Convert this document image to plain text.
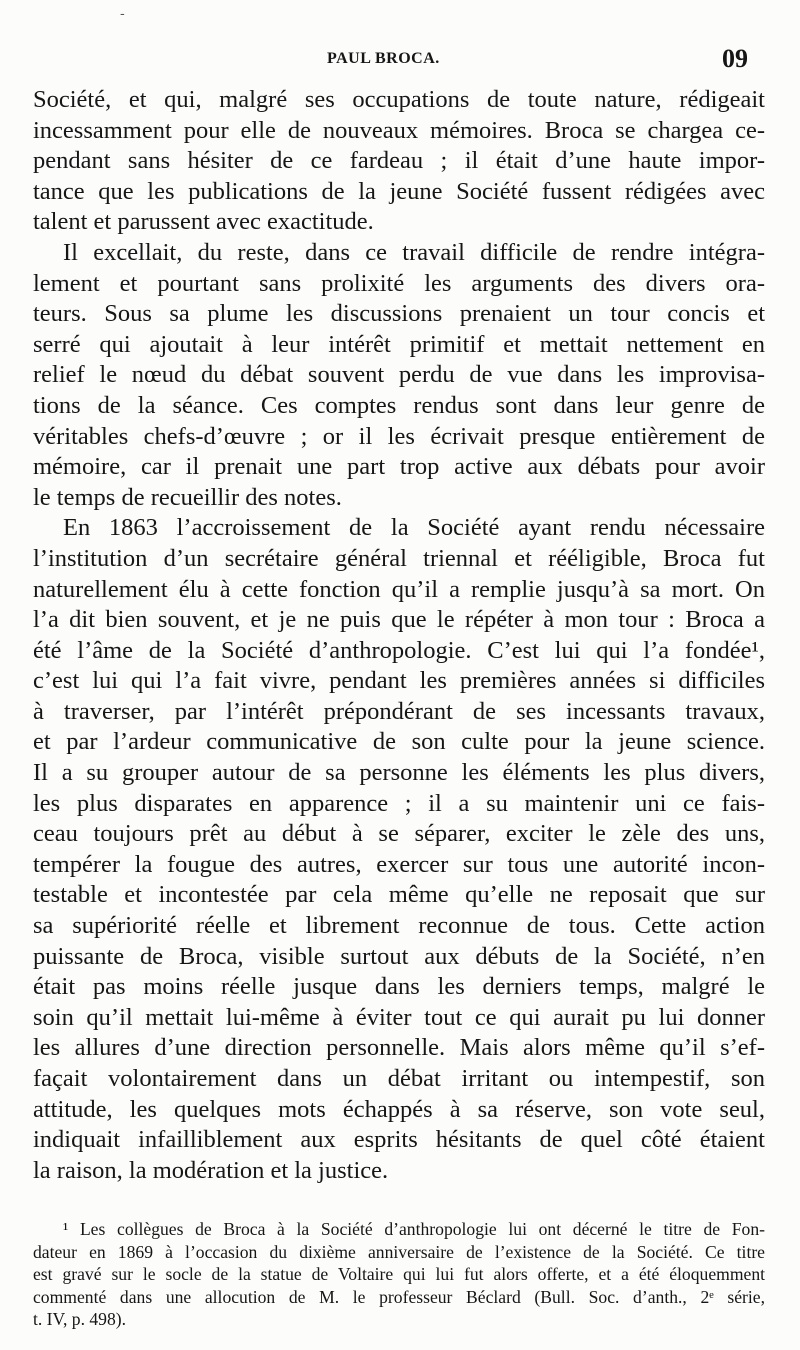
-
PAUL BROCA.	09
Société, et qui, malgré ses occupations de toute nature, rédigeait
incessamment pour elle de nouveaux mémoires. Broca se chargea ce-
pendant sans hésiter de ce fardeau ; il était d’une haute impor-
tance que les publications de la jeune Société fussent rédigées avec
talent et parussent avec exactitude.
Il excellait, du reste, dans ce travail difficile de rendre intégra-
lement et pourtant sans prolixité les arguments des divers ora-
teurs. Sous sa plume les discussions prenaient un tour concis et
serré qui ajoutait à leur intérêt primitif et mettait nettement en
relief le nœud du débat souvent perdu de vue dans les improvisa-
tions de la séance. Ces comptes rendus sont dans leur genre de
véritables chefs-d’œuvre ; or il les écrivait presque entièrement de
mémoire, car il prenait une part trop active aux débats pour avoir
le temps de recueillir des notes.
En 1863 l’accroissement de la Société ayant rendu nécessaire
l’institution d’un secrétaire général triennal et rééligible, Broca fut
naturellement élu à cette fonction qu’il a remplie jusqu’à sa mort. On
l’a dit bien souvent, et je ne puis que le répéter à mon tour : Broca a
été l’âme de la Société d’anthropologie. C’est lui qui l’a fondée¹,
c’est lui qui l’a fait vivre, pendant les premières années si difficiles
à traverser, par l’intérêt prépondérant de ses incessants travaux,
et par l’ardeur communicative de son culte pour la jeune science.
Il a su grouper autour de sa personne les éléments les plus divers,
les plus disparates en apparence ; il a su maintenir uni ce fais-
ceau toujours prêt au début à se séparer, exciter le zèle des uns,
tempérer la fougue des autres, exercer sur tous une autorité incon-
testable et incontestée par cela même qu’elle ne reposait que sur
sa supériorité réelle et librement reconnue de tous. Cette action
puissante de Broca, visible surtout aux débuts de la Société, n’en
était pas moins réelle jusque dans les derniers temps, malgré le
soin qu’il mettait lui-même à éviter tout ce qui aurait pu lui donner
les allures d’une direction personnelle. Mais alors même qu’il s’ef-
façait volontairement dans un débat irritant ou intempestif, son
attitude, les quelques mots échappés à sa réserve, son vote seul,
indiquait infailliblement aux esprits hésitants de quel côté étaient
la raison, la modération et la justice.
¹ Les collègues de Broca à la Société d’anthropologie lui ont décerné le titre de Fon-
dateur en 1869 à l’occasion du dixième anniversaire de l’existence de la Société. Ce titre
est gravé sur le socle de la statue de Voltaire qui lui fut alors offerte, et a été éloquemment
commenté dans une allocution de M. le professeur Béclard (Bull. Soc. d’anth., 2ᵉ série,
t. IV, p. 498).
